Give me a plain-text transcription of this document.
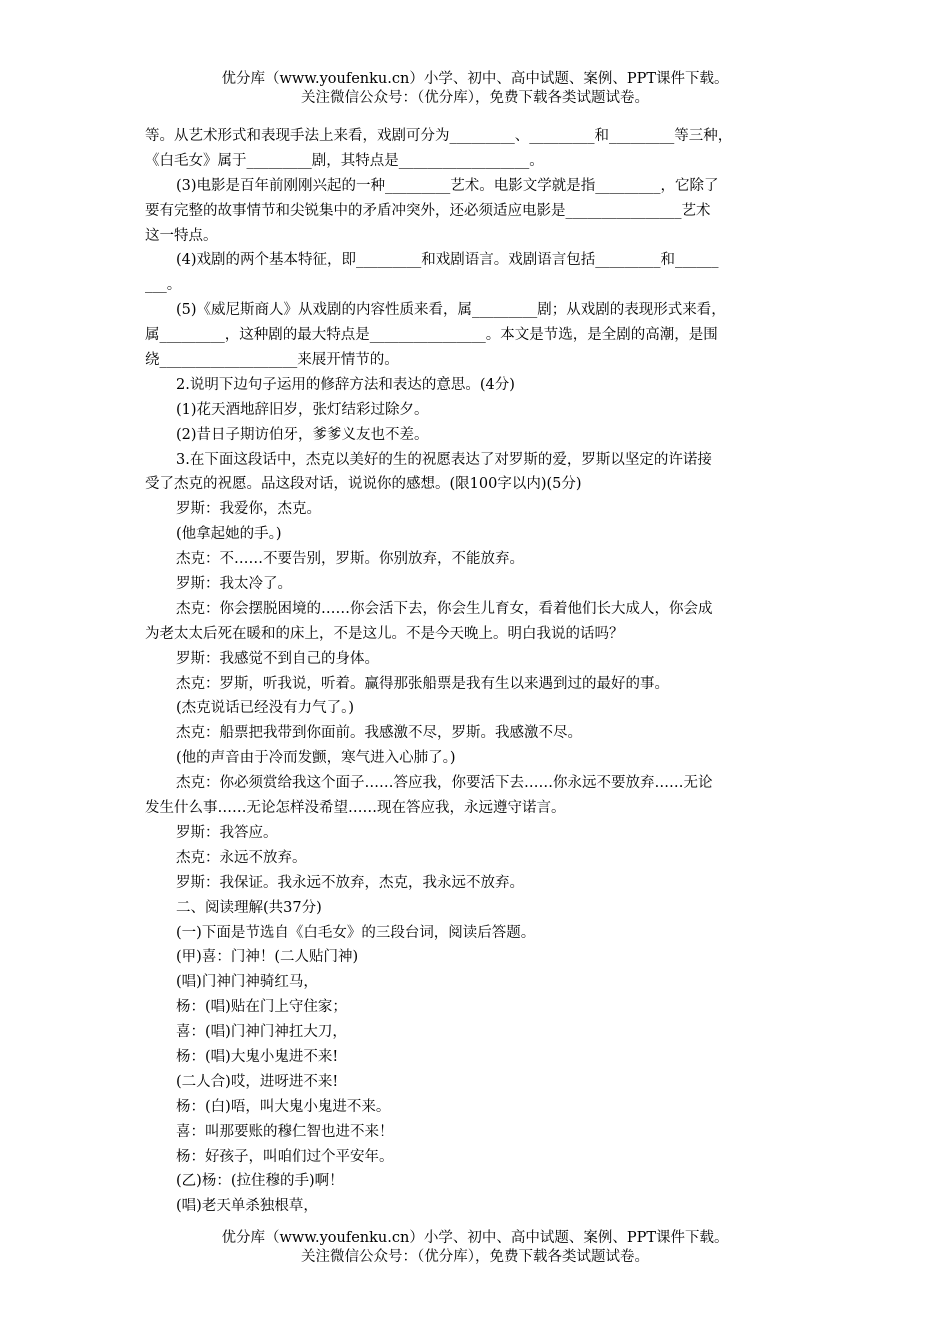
优分库（www.youfenku.cn）小学、初中、高中试题、案例、PPT课件下载。
关注微信公众号：（优分库），免费下载各类试题试卷。
等。从艺术形式和表现手法上来看，戏剧可分为_________、_________和_________等三种，
《白毛女》属于_________剧，其特点是__________________。
(3)电影是百年前刚刚兴起的一种_________艺术。电影文学就是指_________，它除了
要有完整的故事情节和尖锐集中的矛盾冲突外，还必须适应电影是________________艺术
这一特点。
(4)戏剧的两个基本特征，即_________和戏剧语言。戏剧语言包括_________和______
___。
(5)《威尼斯商人》从戏剧的内容性质来看，属_________剧；从戏剧的表现形式来看，
属_________，这种剧的最大特点是________________。本文是节选，是全剧的高潮，是围
绕___________________来展开情节的。
2.说明下边句子运用的修辞方法和表达的意思。(4分)
(1)花天酒地辞旧岁，张灯结彩过除夕。
(2)昔日子期访伯牙，爹爹义友也不差。
3.在下面这段话中，杰克以美好的生的祝愿表达了对罗斯的爱，罗斯以坚定的许诺接
受了杰克的祝愿。品这段对话，说说你的感想。(限100字以内)(5分)
罗斯：我爱你，杰克。
(他拿起她的手。)
杰克：不……不要告别，罗斯。你别放弃，不能放弃。
罗斯：我太冷了。
杰克：你会摆脱困境的……你会活下去，你会生儿育女，看着他们长大成人，你会成
为老太太后死在暖和的床上，不是这儿。不是今天晚上。明白我说的话吗？
罗斯：我感觉不到自己的身体。
杰克：罗斯，听我说，听着。赢得那张船票是我有生以来遇到过的最好的事。
(杰克说话已经没有力气了。)
杰克：船票把我带到你面前。我感激不尽，罗斯。我感激不尽。
(他的声音由于冷而发颤，寒气进入心肺了。)
杰克：你必须赏给我这个面子……答应我，你要活下去……你永远不要放弃……无论
发生什么事……无论怎样没希望……现在答应我，永远遵守诺言。
罗斯：我答应。
杰克：永远不放弃。
罗斯：我保证。我永远不放弃，杰克，我永远不放弃。
二、阅读理解(共37分)
(一)下面是节选自《白毛女》的三段台词，阅读后答题。
(甲)喜：门神！(二人贴门神)
(唱)门神门神骑红马，
杨：(唱)贴在门上守住家；
喜：(唱)门神门神扛大刀，
杨：(唱)大鬼小鬼进不来!
(二人合)哎，进呀进不来!
杨：(白)唔，叫大鬼小鬼进不来。
喜：叫那要账的穆仁智也进不来！
杨：好孩子，叫咱们过个平安年。
(乙)杨：(拉住穆的手)啊！
(唱)老天单杀独根草，
优分库（www.youfenku.cn）小学、初中、高中试题、案例、PPT课件下载。
关注微信公众号：（优分库），免费下载各类试题试卷。
